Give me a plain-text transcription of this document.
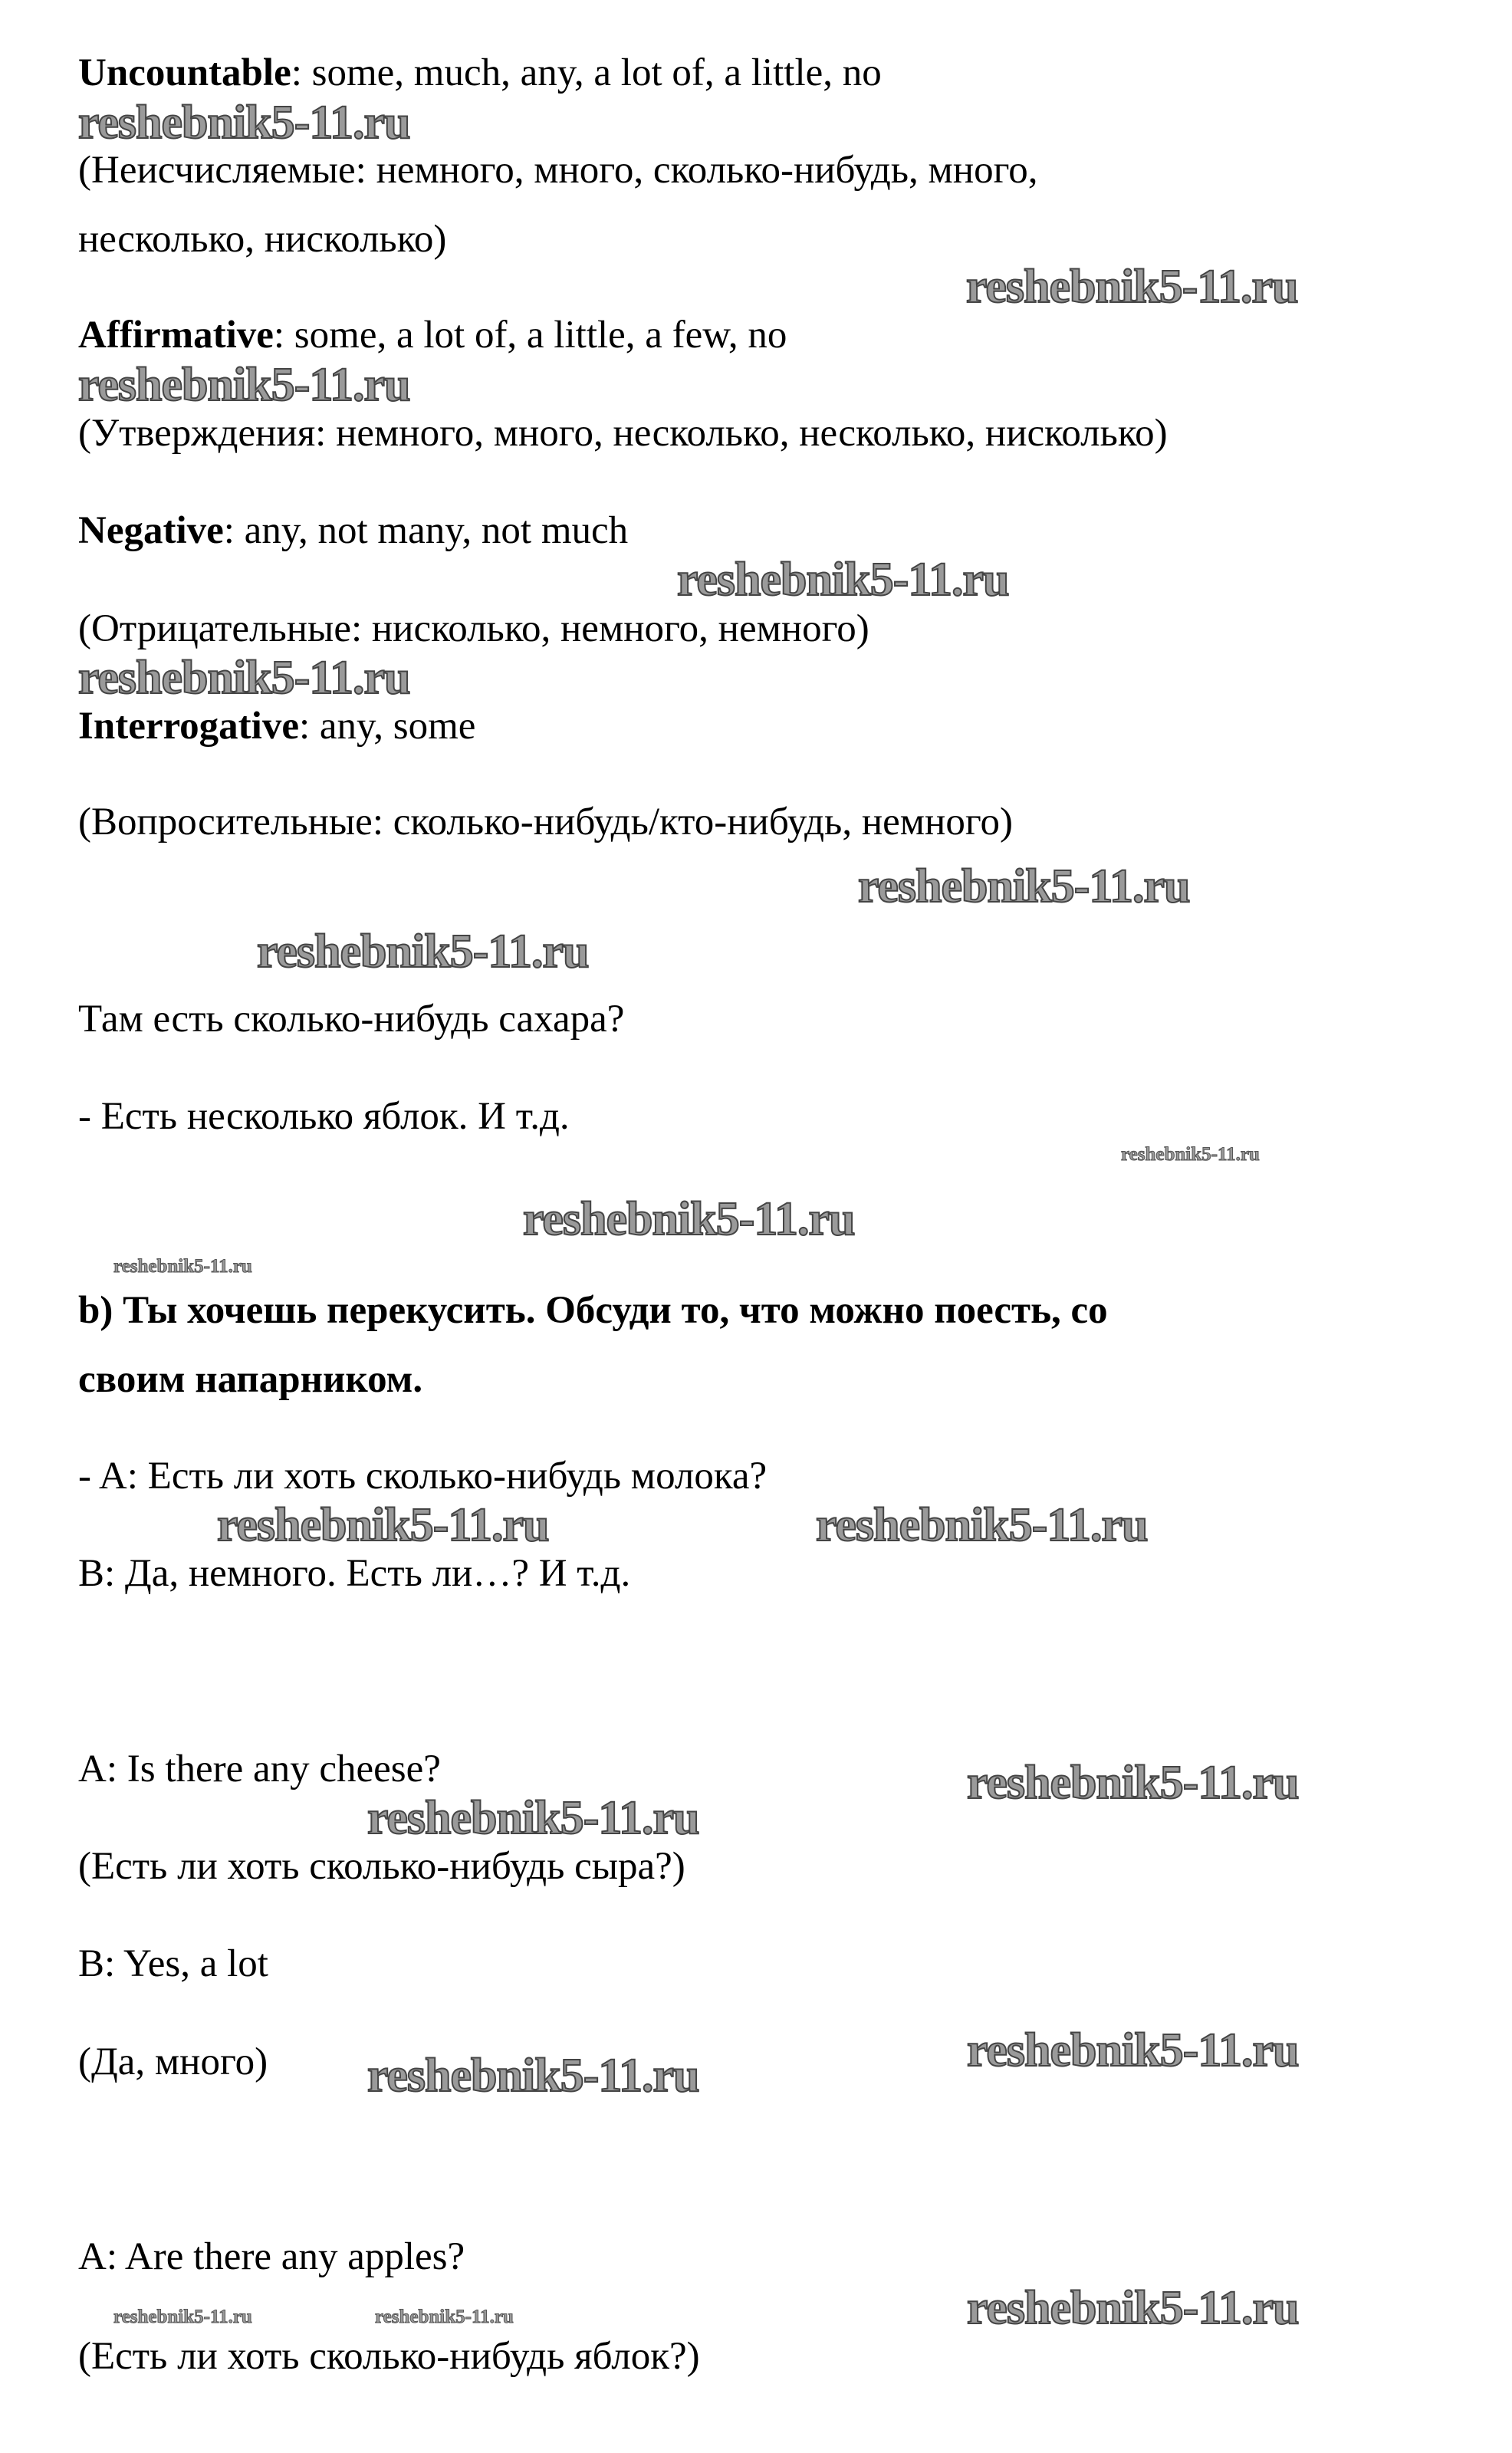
Uncountable: some, much, any, a lot of, a little, no
(Неисчисляемые: немного, много, сколько-нибудь, много,
несколько, нисколько)
Affirmative: some, a lot of, a little, a few, no
(Утверждения: немного, много, несколько, несколько, нисколько)
Negative: any, not many, not much
(Отрицательные: нисколько, немного, немного)
Interrogative: any, some
(Вопросительные: сколько-нибудь/кто-нибудь, немного)
Там есть сколько-нибудь сахара?
- Есть несколько яблок. И т.д.
b) Ты хочешь перекусить. Обсуди то, что можно поесть, со
своим напарником.
- A: Есть ли хоть сколько-нибудь молока?
B: Да, немного. Есть ли…? И т.д.
A: Is there any cheese?
(Есть ли хоть сколько-нибудь сыра?)
B: Yes, a lot
(Да, много)
A: Are there any apples?
(Есть ли хоть сколько-нибудь яблок?)
reshebnik5-11.ru
reshebnik5-11.ru
reshebnik5-11.ru
reshebnik5-11.ru
reshebnik5-11.ru
reshebnik5-11.ru
reshebnik5-11.ru
reshebnik5-11.ru
reshebnik5-11.ru
reshebnik5-11.ru
reshebnik5-11.ru	reshebnik5-11.ru
reshebnik5-11.ru
reshebnik5-11.ru
reshebnik5-11.ru
reshebnik5-11.ru
reshebnik5-11.ru	reshebnik5-11.ru	reshebnik5-11.ru
